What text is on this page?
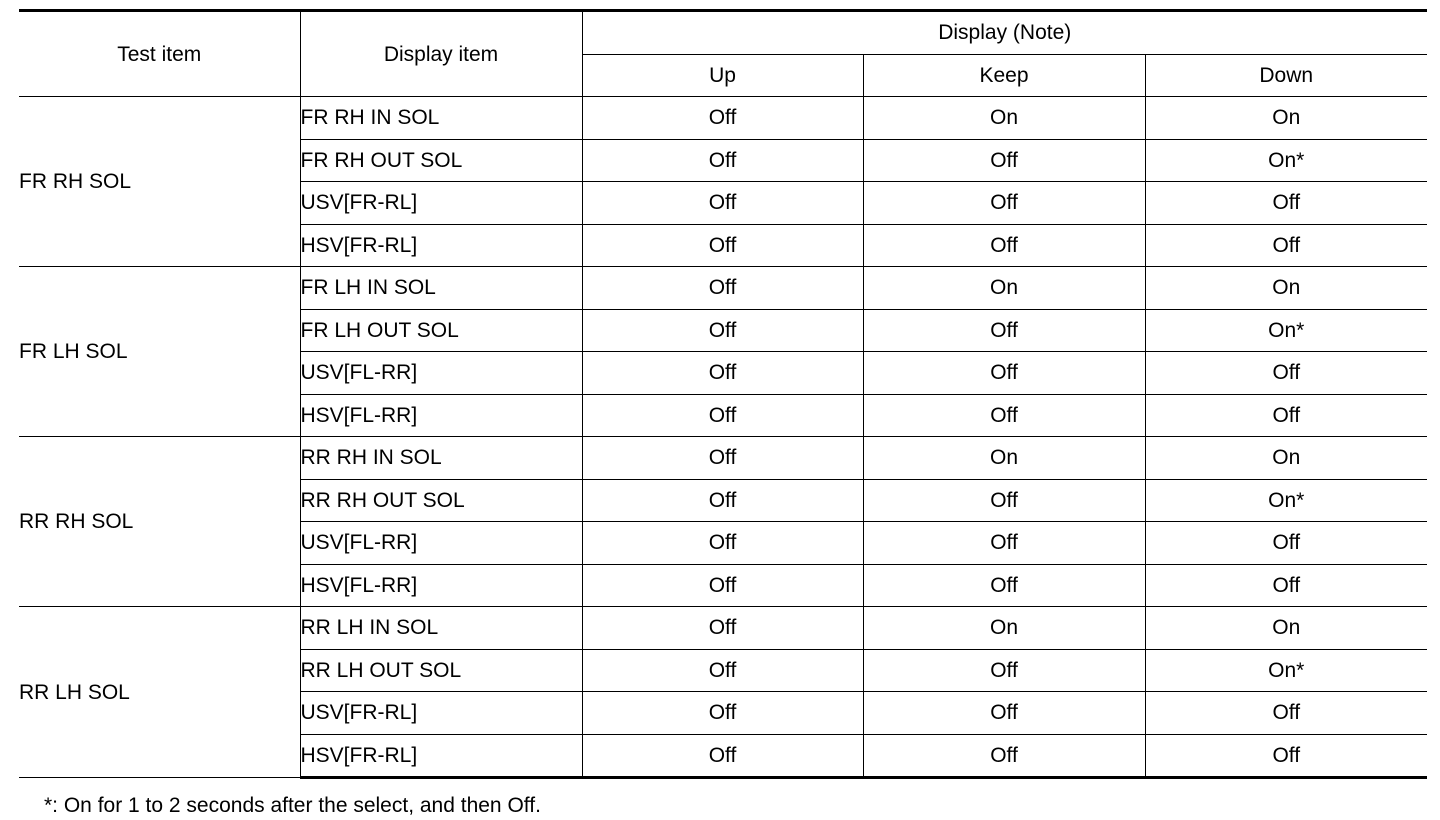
Test item	Display item	Display (Note)		
		Up	Keep	Down
FR RH SOL	FR RH IN SOL	Off	On	On
	FR RH OUT SOL	Off	Off	On*
	USV[FR-RL]	Off	Off	Off
	HSV[FR-RL]	Off	Off	Off
FR LH SOL	FR LH IN SOL	Off	On	On
	FR LH OUT SOL	Off	Off	On*
	USV[FL-RR]	Off	Off	Off
	HSV[FL-RR]	Off	Off	Off
RR RH SOL	RR RH IN SOL	Off	On	On
	RR RH OUT SOL	Off	Off	On*
	USV[FL-RR]	Off	Off	Off
	HSV[FL-RR]	Off	Off	Off
RR LH SOL	RR LH IN SOL	Off	On	On
	RR LH OUT SOL	Off	Off	On*
	USV[FR-RL]	Off	Off	Off
	HSV[FR-RL]	Off	Off	Off
*: On for 1 to 2 seconds after the select, and then Off.
